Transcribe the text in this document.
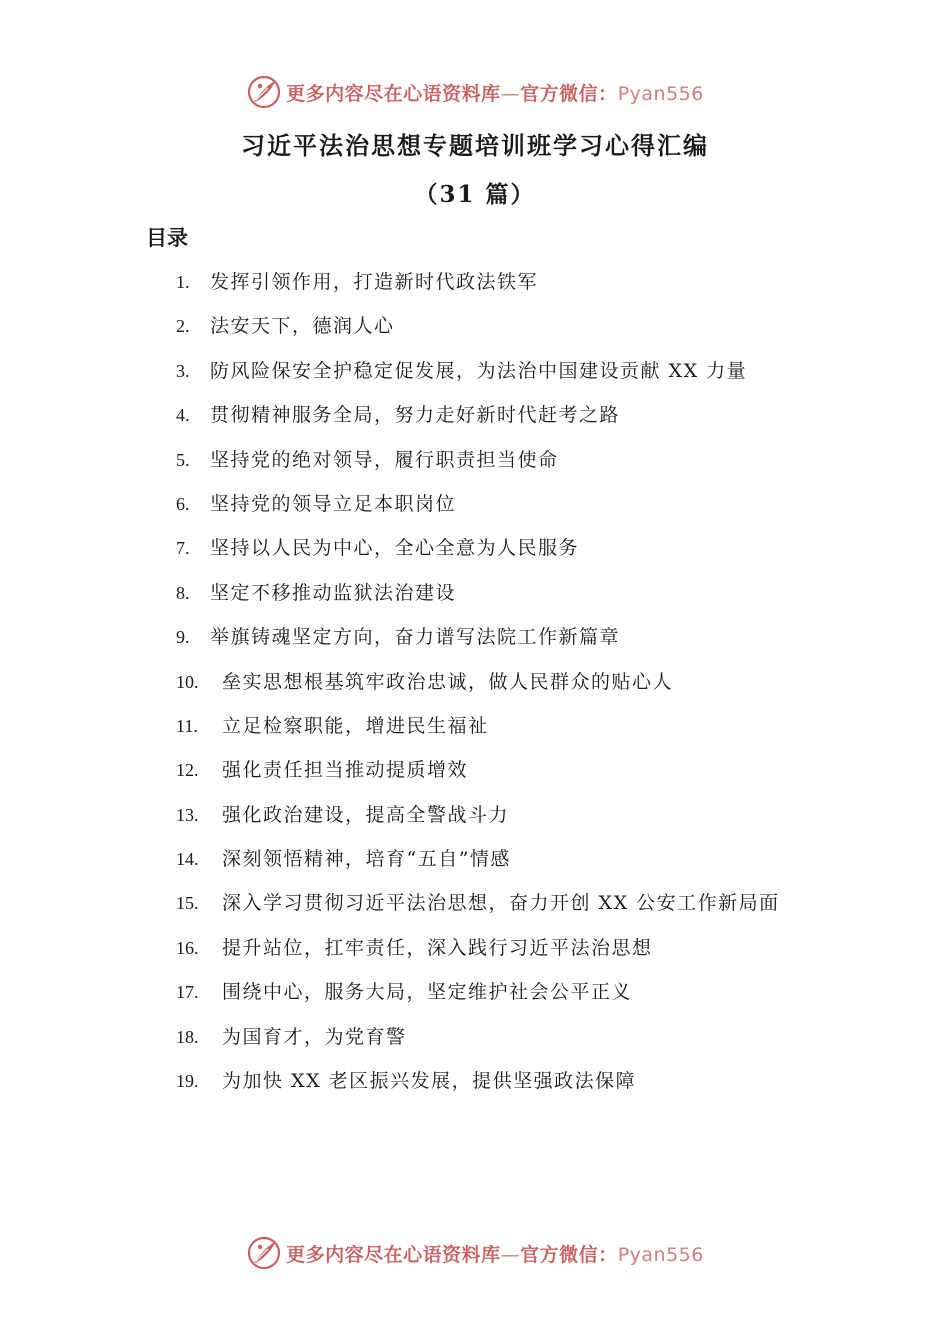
更多内容尽在心语资料库—官方微信：Pyan556
习近平法治思想专题培训班学习心得汇编
（31 篇）
目录
1.	发挥引领作用，打造新时代政法铁军
2.	法安天下，德润人心
3.	防风险保安全护稳定促发展，为法治中国建设贡献 XX 力量
4.	贯彻精神服务全局，努力走好新时代赶考之路
5.	坚持党的绝对领导，履行职责担当使命
6.	坚持党的领导立足本职岗位
7.	坚持以人民为中心，全心全意为人民服务
8.	坚定不移推动监狱法治建设
9.	举旗铸魂坚定方向，奋力谱写法院工作新篇章
10.	垒实思想根基筑牢政治忠诚，做人民群众的贴心人
11.	立足检察职能，增进民生福祉
12.	强化责任担当推动提质增效
13.	强化政治建设，提高全警战斗力
14.	深刻领悟精神，培育“五自”情感
15.	深入学习贯彻习近平法治思想，奋力开创 XX 公安工作新局面
16.	提升站位，扛牢责任，深入践行习近平法治思想
17.	围绕中心，服务大局，坚定维护社会公平正义
18.	为国育才，为党育警
19.	为加快 XX 老区振兴发展，提供坚强政法保障
更多内容尽在心语资料库—官方微信：Pyan556
